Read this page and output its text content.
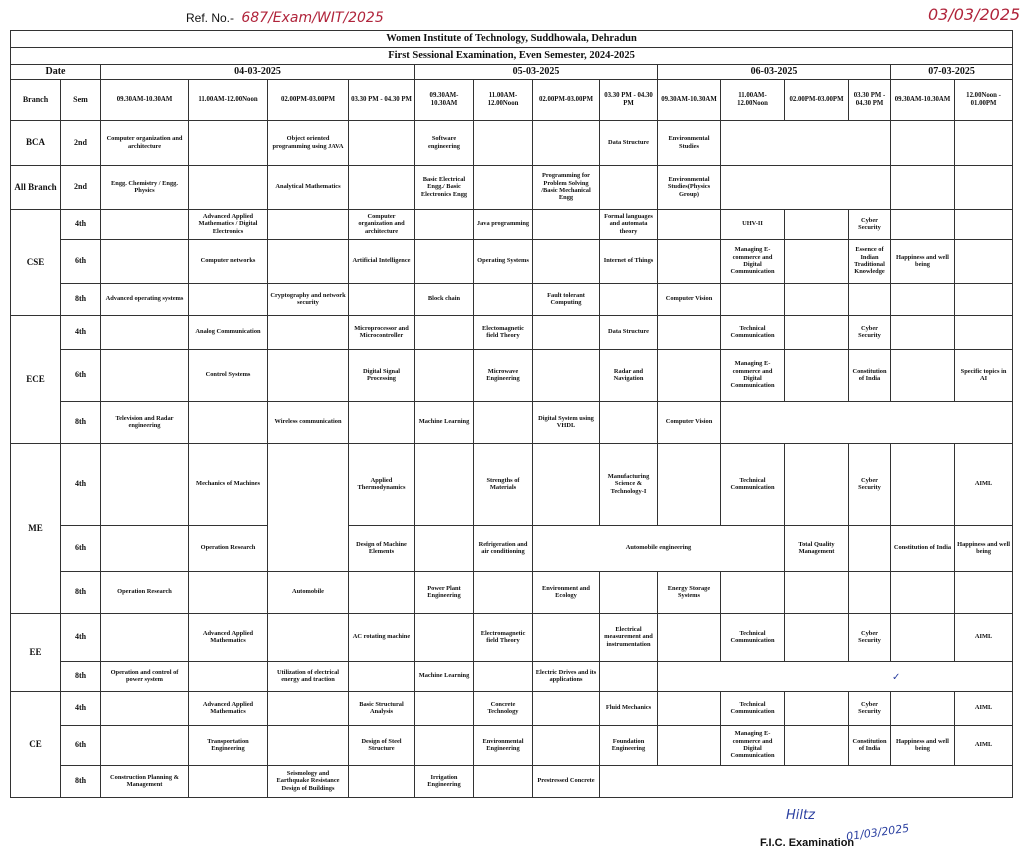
Ref. No.- 687/Exam/WIT/2025	03/03/2025
Women Institute of Technology, Suddhowala, Dehradun																
First Sessional Examination, Even Semester, 2024-2025																
Date		04-03-2025				05-03-2025				06-03-2025				07-03-2025		
Branch	Sem	09.30AM-10.30AM	11.00AM-12.00Noon	02.00PM-03.00PM	03.30 PM - 04.30 PM	09.30AM-10.30AM	11.00AM-12.00Noon	02.00PM-03.00PM	03.30 PM - 04.30 PM	09.30AM-10.30AM	11.00AM-12.00Noon	02.00PM-03.00PM	03.30 PM - 04.30 PM	09.30AM-10.30AM	12.00Noon - 01.00PM	
BCA	2nd	Computer organization and architecture		Object oriented programming using JAVA		Software engineering			Data Structure	Environmental Studies						
All Branch	2nd	Engg. Chemistry / Engg. Physics		Analytical Mathematics		Basic Electrical Engg./ Basic Electronics Engg		Programming for Problem Solving /Basic Mechanical Engg		Environmental Studies(Physics Group)						
CSE	4th		Advanced Applied Mathematics / Digital Electronics		Computer organization and architecture		Java programming		Formal languages and automata theory		UHV-II		Cyber Security			
	6th		Computer networks		Artificial Intelligence		Operating Systems		Internet of Things		Managing E-commerce and Digital Communication		Essence of Indian Traditional Knowledge	Happiness and well being		
	8th	Advanced operating systems		Cryptography and network security		Block chain		Fault tolerant Computing		Computer Vision						
ECE	4th		Analog Communication		Microprocessor and Microcontroller		Electomagnetic field Theory		Data Structure		Technical Communication		Cyber Security			
	6th		Control Systems		Digital Signal Processing		Microwave Engineering		Radar and Navigation		Managing E-commerce and Digital Communication		Constitution of India		Specific topics in AI	
	8th	Television and Radar engineering		Wireless communication		Machine Learning		Digital System using VHDL		Computer Vision						
ME	4th		Mechanics of Machines		Applied Thermodynamics		Strengths of Materials		Manufacturing Science & Technology-I		Technical Communication		Cyber Security		AIML	
	6th		Operation Research		Design of Machine Elements		Refrigeration and air conditioning	Automobile engineering				Total Quality Management		Constitution of India	Happiness and well being	
	8th	Operation Research		Automobile		Power Plant Engineering		Environment and Ecology		Energy Storage Systems						
EE	4th		Advanced Applied Mathematics		AC rotating machine		Electromagnetic field Theory		Electrical measurement and instrumentation		Technical Communication		Cyber Security		AIML	
	8th	Operation and control of power system		Utilization of electrical energy and traction		Machine Learning		Electric Drives and its applications								
CE	4th		Advanced Applied Mathematics		Basic Structural Analysis		Concrete Technology		Fluid Mechanics		Technical Communication		Cyber Security		AIML	
	6th		Transportation Engineering		Design of Steel Structure		Environmental Engineering		Foundation Engineering		Managing E-commerce and Digital Communication		Constitution of India	Happiness and well being	AIML	
	8th	Construction Planning & Management		Seismology and Earthquake Resistance Design of Buildings		Irrigation Engineering		Prestressed Concrete								
✓
Hiltz
01/03/2025
F.I.C. Examination
